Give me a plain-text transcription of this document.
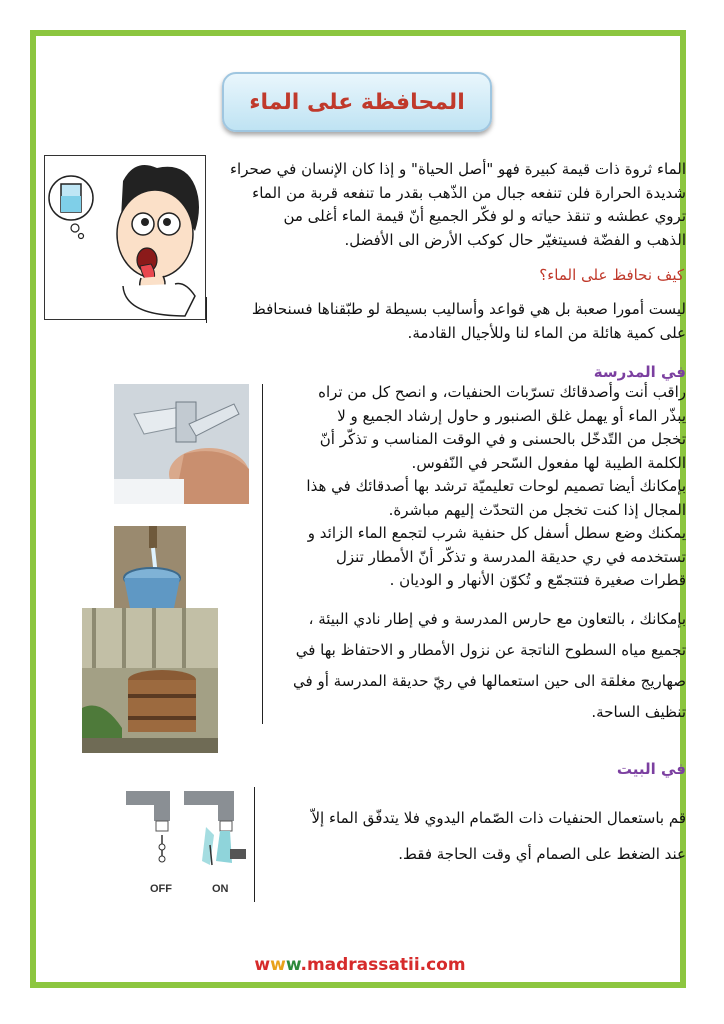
المحافظة على الماء
الماء ثروة ذات قيمة كبيرة فهو "أصل الحياة" و إذا كان الإنسان في صحراء
شديدة الحرارة فلن تنفعه جبال من الذّهب بقدر ما تنفعه قربة من الماء
تروي عطشه و تنقذ حياته و لو فكّر الجميع أنّ قيمة الماء أغلى من
الذهب و الفضّة فسيتغيّر حال كوكب الأرض الى الأفضل.
كيف نحافظ على الماء؟
ليست أمورا صعبة بل هي قواعد وأساليب بسيطة لو طبّقناها فسنحافظ
على كمية هائلة من الماء لنا وللأجيال القادمة.
في المدرسة
راقب أنت وأصدقائك تسرّبات الحنفيات، و انصح كل من تراه
يبذّر الماء أو يهمل غلق الصنبور و حاول إرشاد الجميع و لا
تخجل من التّدخّل بالحسنى و في الوقت المناسب و تذكّر أنّ
الكلمة الطيبة لها مفعول السّحر في النّفوس.
بإمكانك أيضا تصميم لوحات تعليميّة ترشد بها أصدقائك في هذا
المجال إذا كنت تخجل من التحدّث إليهم مباشرة.
يمكنك وضع سطل أسفل كل حنفية شرب لتجمع الماء الزائد و
تستخدمه في ري حديقة المدرسة و تذكّر أنّ الأمطار تنزل
قطرات صغيرة فتتجمّع و تُكوّن الأنهار و الوديان .
بإمكانك ، بالتعاون مع حارس المدرسة و في إطار نادي البيئة ،
تجميع مياه السطوح الناتجة عن نزول الأمطار و الاحتفاظ بها في
صهاريج مغلقة الى حين استعمالها في ريّ حديقة المدرسة أو في
تنظيف الساحة.
في البيت
OFF	ON
قم باستعمال الحنفيات ذات الصّمام اليدوي فلا يتدفّق الماء إلاّ
عند الضغط على الصمام أي وقت الحاجة فقط.
www.madrassatii.com
